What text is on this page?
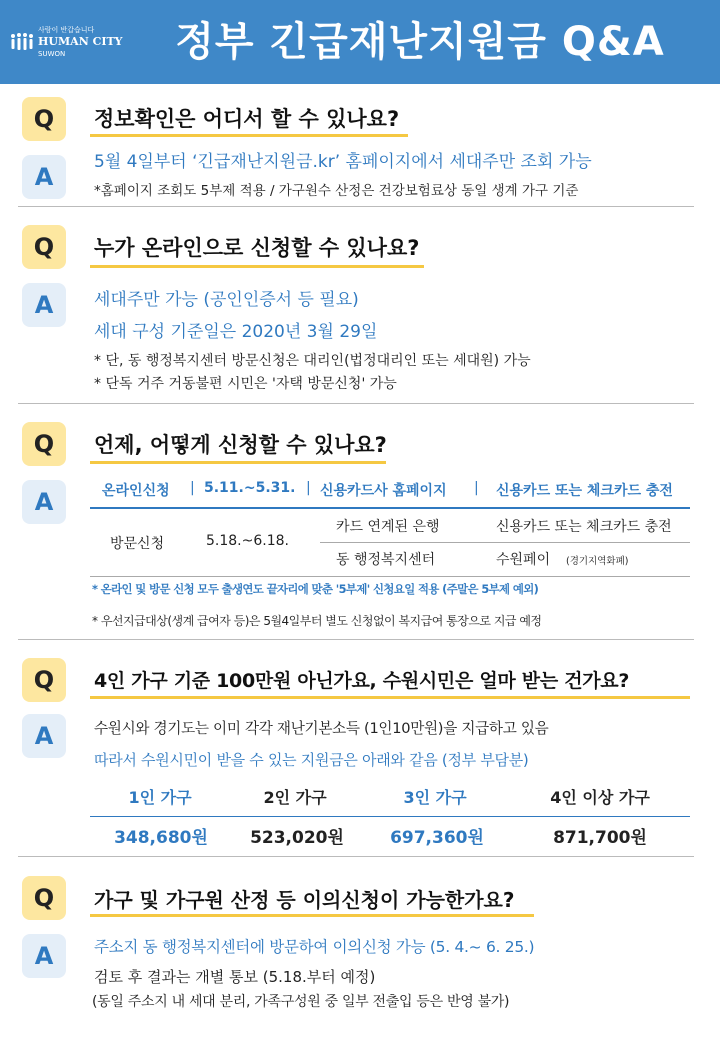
사람이 반갑습니다
HUMAN CITY
SUWON	정부 긴급재난지원금 Q&A
Q	정보확인은 어디서 할 수 있나요?
A
5월 4일부터 ‘긴급재난지원금.kr’ 홈페이지에서 세대주만 조회 가능
*홈페이지 조회도 5부제 적용 / 가구원수 산정은 건강보험료상 동일 생계 가구 기준
Q	누가 온라인으로 신청할 수 있나요?
A	세대주만 가능 (공인인증서 등 필요)
세대 구성 기준일은 2020년 3월 29일
* 단, 동 행정복지센터 방문신청은 대리인(법정대리인 또는 세대원) 가능
* 단독 거주 거동불편 시민은 '자택 방문신청' 가능
Q	언제, 어떻게 신청할 수 있나요?
A	온라인신청 | 5.11.~5.31. | 신용카드사 홈페이지 | 신용카드 또는 체크카드 충전
방문신청	5.18.~6.18.
카드 연계된 은행	신용카드 또는 체크카드 충전
동 행정복지센터	수원페이 (경기지역화폐)
* 온라인 및 방문 신청 모두 출생연도 끝자리에 맞춘 '5부제' 신청요일 적용 (주말은 5부제 예외)
* 우선지급대상(생계 급여자 등)은 5월4일부터 별도 신청없이 복지급여 통장으로 지급 예정
Q	4인 가구 기준 100만원 아닌가요, 수원시민은 얼마 받는 건가요?
A	수원시와 경기도는 이미 각각 재난기본소득 (1인10만원)을 지급하고 있음
따라서 수원시민이 받을 수 있는 지원금은 아래와 같음 (정부 부담분)
1인 가구	2인 가구	3인 가구	4인 이상 가구
348,680원	523,020원	697,360원	871,700원
Q	가구 및 가구원 산정 등 이의신청이 가능한가요?
A	주소지 동 행정복지센터에 방문하여 이의신청 가능 (5. 4.~ 6. 25.)
검토 후 결과는 개별 통보 (5.18.부터 예정)
(동일 주소지 내 세대 분리, 가족구성원 중 일부 전출입 등은 반영 불가)
